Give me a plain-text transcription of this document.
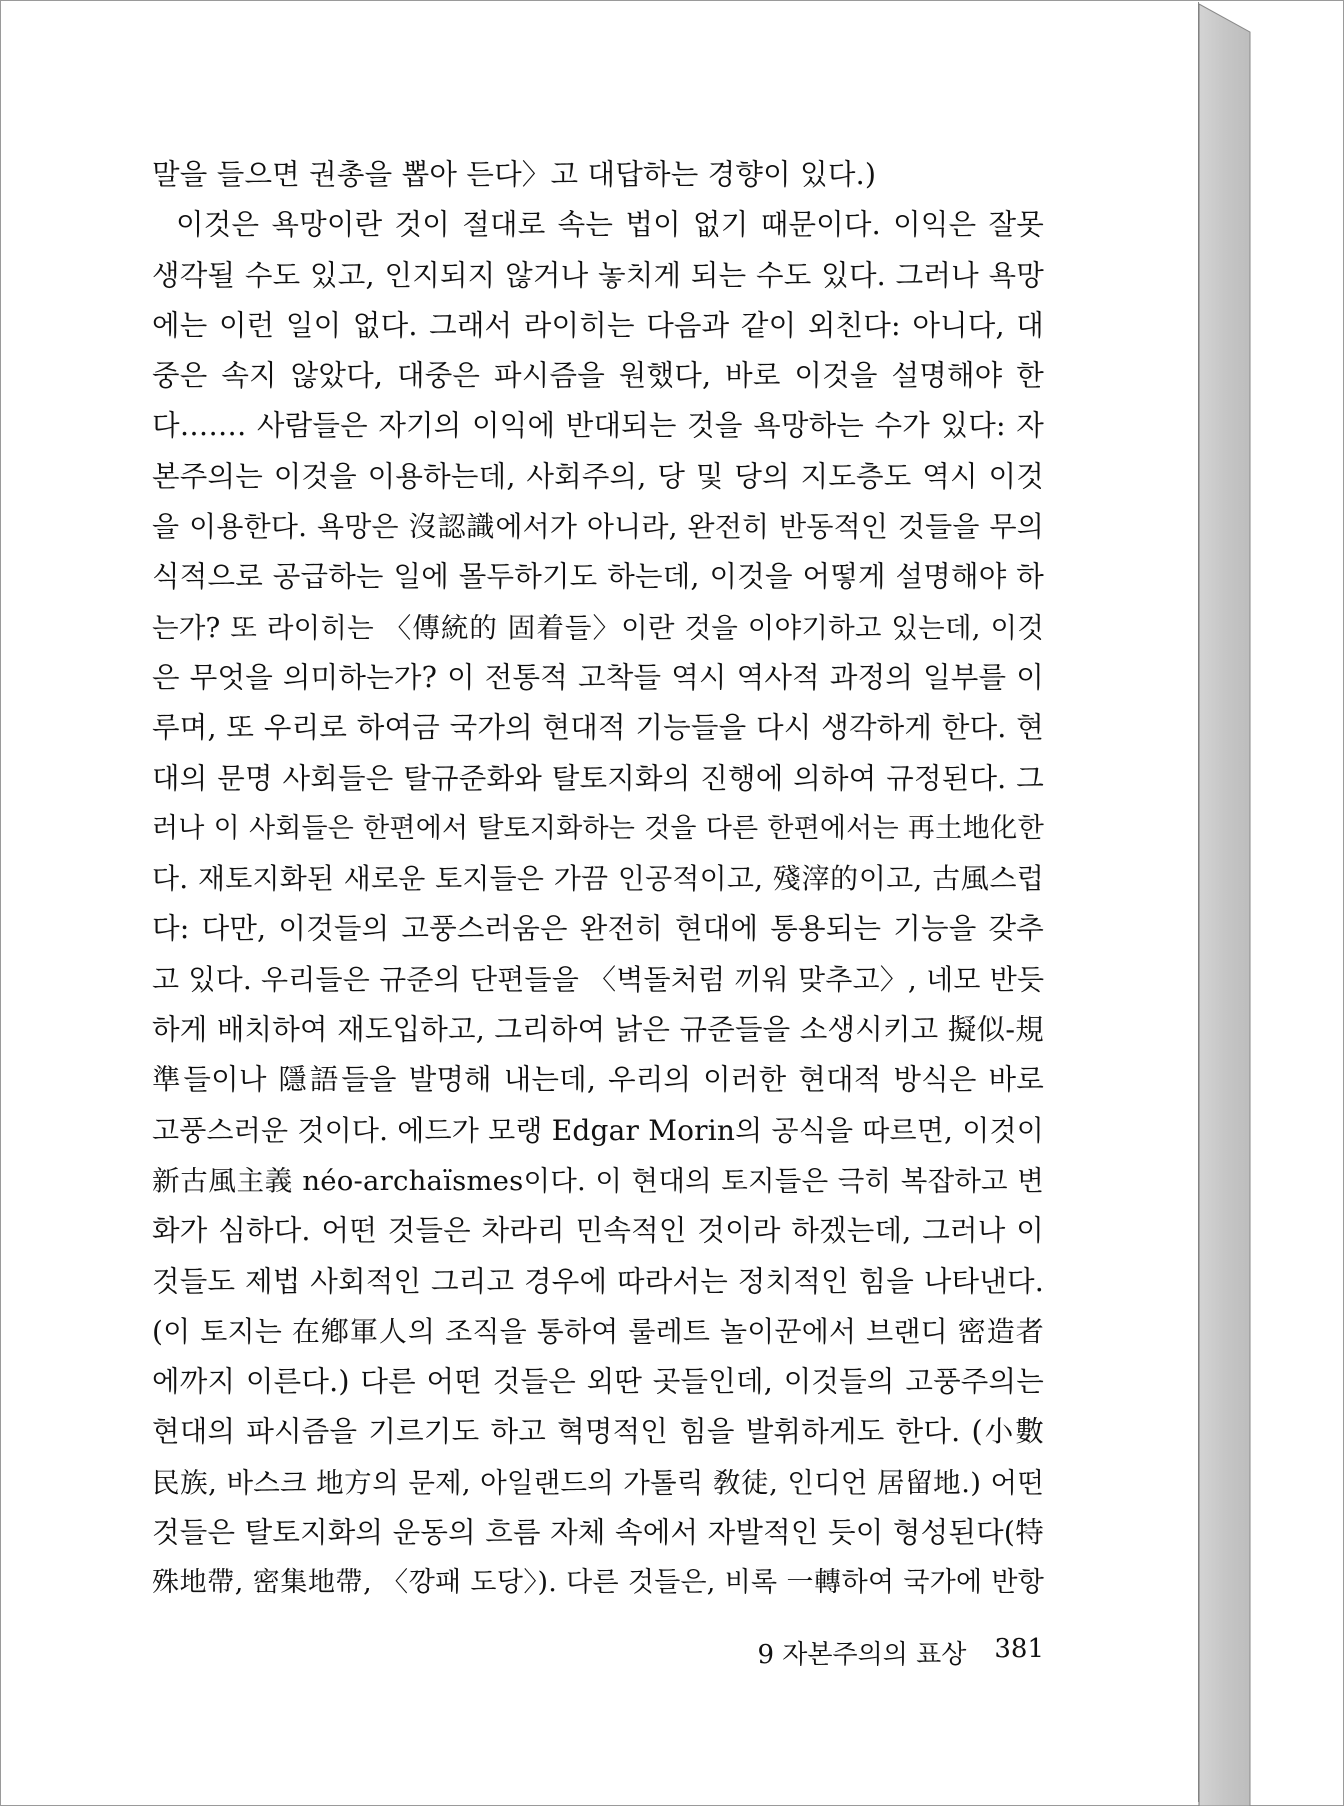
말을 들으면 권총을 뽑아 든다〉고 대답하는 경향이 있다.)
이것은 욕망이란 것이 절대로 속는 법이 없기 때문이다. 이익은 잘못
생각될 수도 있고, 인지되지 않거나 놓치게 되는 수도 있다. 그러나 욕망
에는 이런 일이 없다. 그래서 라이히는 다음과 같이 외친다: 아니다, 대
중은 속지 않았다, 대중은 파시즘을 원했다, 바로 이것을 설명해야 한
다……. 사람들은 자기의 이익에 반대되는 것을 욕망하는 수가 있다: 자
본주의는 이것을 이용하는데, 사회주의, 당 및 당의 지도층도 역시 이것
을 이용한다. 욕망은 沒認識에서가 아니라, 완전히 반동적인 것들을 무의
식적으로 공급하는 일에 몰두하기도 하는데, 이것을 어떻게 설명해야 하
는가? 또 라이히는 〈傳統的 固着들〉이란 것을 이야기하고 있는데, 이것
은 무엇을 의미하는가? 이 전통적 고착들 역시 역사적 과정의 일부를 이
루며, 또 우리로 하여금 국가의 현대적 기능들을 다시 생각하게 한다. 현
대의 문명 사회들은 탈규준화와 탈토지화의 진행에 의하여 규정된다. 그
러나 이 사회들은 한편에서 탈토지화하는 것을 다른 한편에서는 再土地化한
다. 재토지화된 새로운 토지들은 가끔 인공적이고, 殘滓的이고, 古風스럽
다: 다만, 이것들의 고풍스러움은 완전히 현대에 통용되는 기능을 갖추
고 있다. 우리들은 규준의 단편들을 〈벽돌처럼 끼워 맞추고〉, 네모 반듯
하게 배치하여 재도입하고, 그리하여 낡은 규준들을 소생시키고 擬似-規
準들이나 隱語들을 발명해 내는데, 우리의 이러한 현대적 방식은 바로
고풍스러운 것이다. 에드가 모랭 Edgar Morin의 공식을 따르면, 이것이
新古風主義 néo-archaïsmes이다. 이 현대의 토지들은 극히 복잡하고 변
화가 심하다. 어떤 것들은 차라리 민속적인 것이라 하겠는데, 그러나 이
것들도 제법 사회적인 그리고 경우에 따라서는 정치적인 힘을 나타낸다.
(이 토지는 在鄕軍人의 조직을 통하여 룰레트 놀이꾼에서 브랜디 密造者
에까지 이른다.) 다른 어떤 것들은 외딴 곳들인데, 이것들의 고풍주의는
현대의 파시즘을 기르기도 하고 혁명적인 힘을 발휘하게도 한다. (小數
民族, 바스크 地方의 문제, 아일랜드의 가톨릭 敎徒, 인디언 居留地.) 어떤
것들은 탈토지화의 운동의 흐름 자체 속에서 자발적인 듯이 형성된다(特
殊地帶, 密集地帶, 〈깡패 도당〉). 다른 것들은, 비록 一轉하여 국가에 반항
9 자본주의의 표상 381
